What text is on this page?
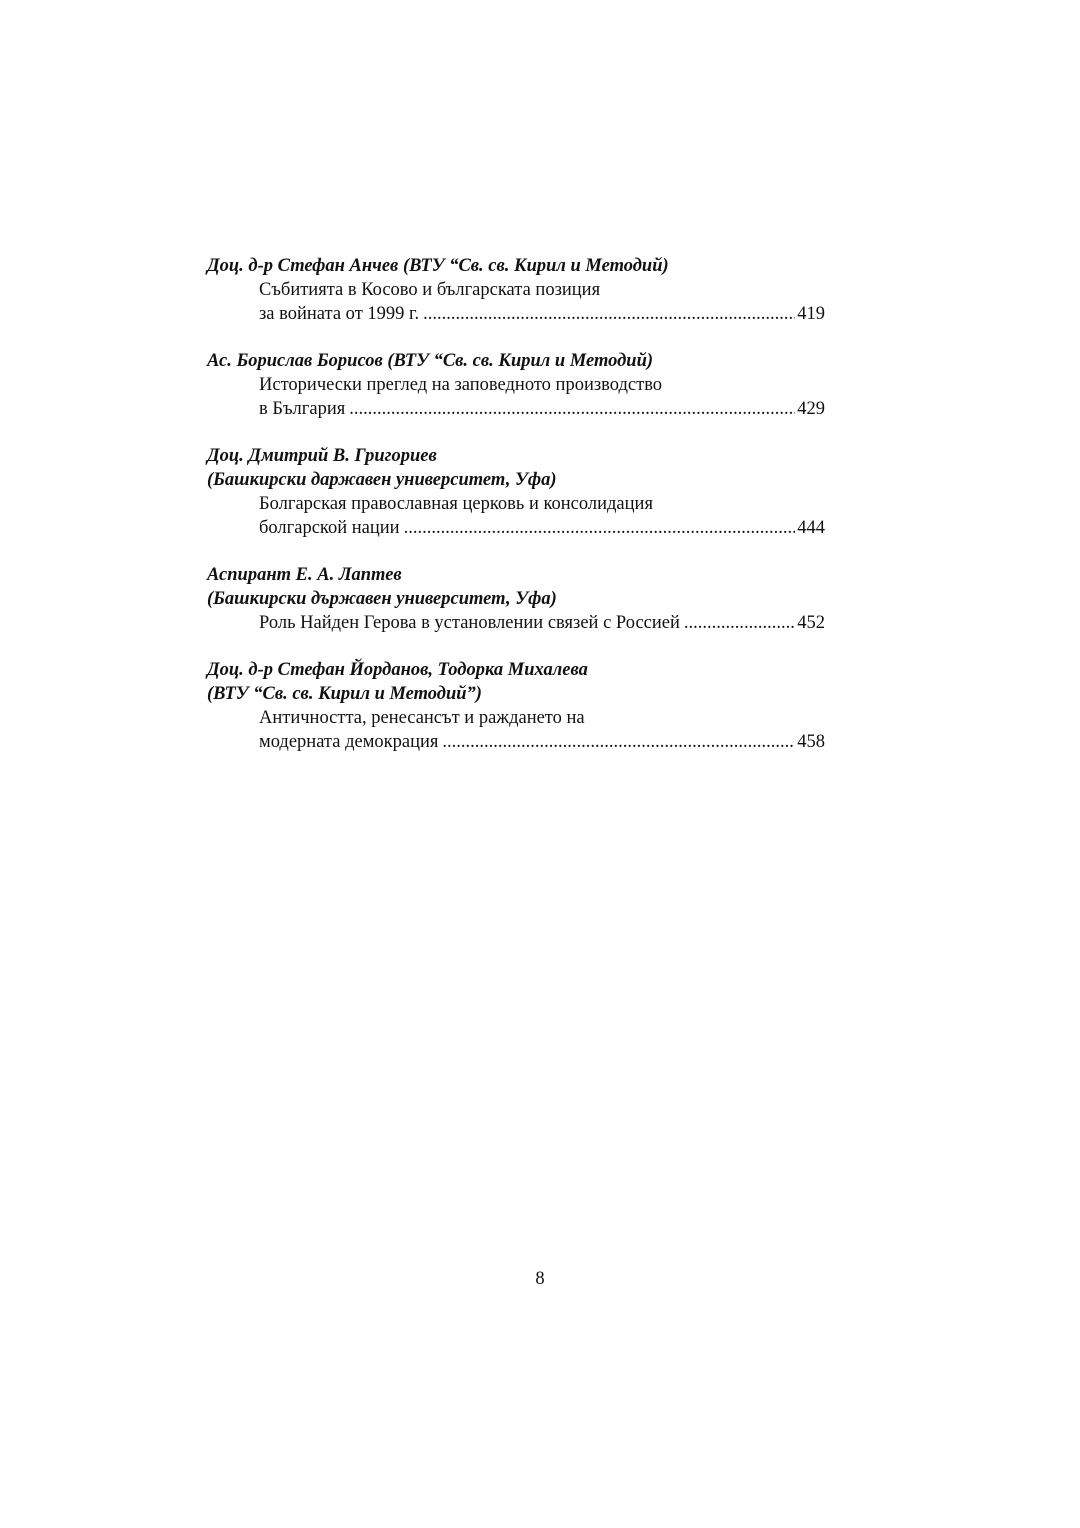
Доц. д-р Стефан Анчев (ВТУ “Св. св. Кирил и Методий)
Събитията в Косово и българската позиция
за войната от 1999 г. .....	419
Ас. Борислав Борисов (ВТУ “Св. св. Кирил и Методий)
Исторически преглед на заповедното производство
в България .....	429
Доц. Дмитрий В. Григориев
(Башкирски даржавен университет, Уфа)
Болгарская православная церковь и консолидация
болгарской нации .....	444
Аспирант Е. А. Лаптев
(Башкирски държавен университет, Уфа)
Роль Найден Герова в установлении связей с Россией .....	452
Доц. д-р Стефан Йорданов, Тодорка Михалева
(ВТУ “Св. св. Кирил и Методий”)
Античността, ренесансът и раждането на
модерната демокрация .....	458
8
